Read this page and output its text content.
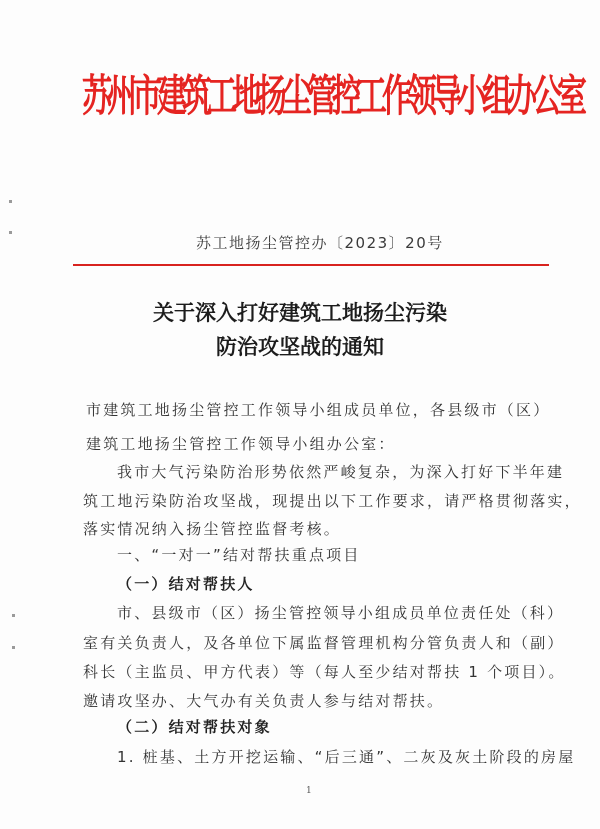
苏州市建筑工地扬尘管控工作领导小组办公室
苏工地扬尘管控办〔2023〕20号
关于深入打好建筑工地扬尘污染
防治攻坚战的通知
市建筑工地扬尘管控工作领导小组成员单位，各县级市（区）
建筑工地扬尘管控工作领导小组办公室：
我市大气污染防治形势依然严峻复杂，为深入打好下半年建
筑工地污染防治攻坚战，现提出以下工作要求，请严格贯彻落实，
落实情况纳入扬尘管控监督考核。
一、“一对一”结对帮扶重点项目
（一）结对帮扶人
市、县级市（区）扬尘管控领导小组成员单位责任处（科）
室有关负责人，及各单位下属监督管理机构分管负责人和（副）
科长（主监员、甲方代表）等（每人至少结对帮扶 1 个项目）。
邀请攻坚办、大气办有关负责人参与结对帮扶。
（二）结对帮扶对象
1. 桩基、土方开挖运输、“后三通”、二灰及灰土阶段的房屋
1
